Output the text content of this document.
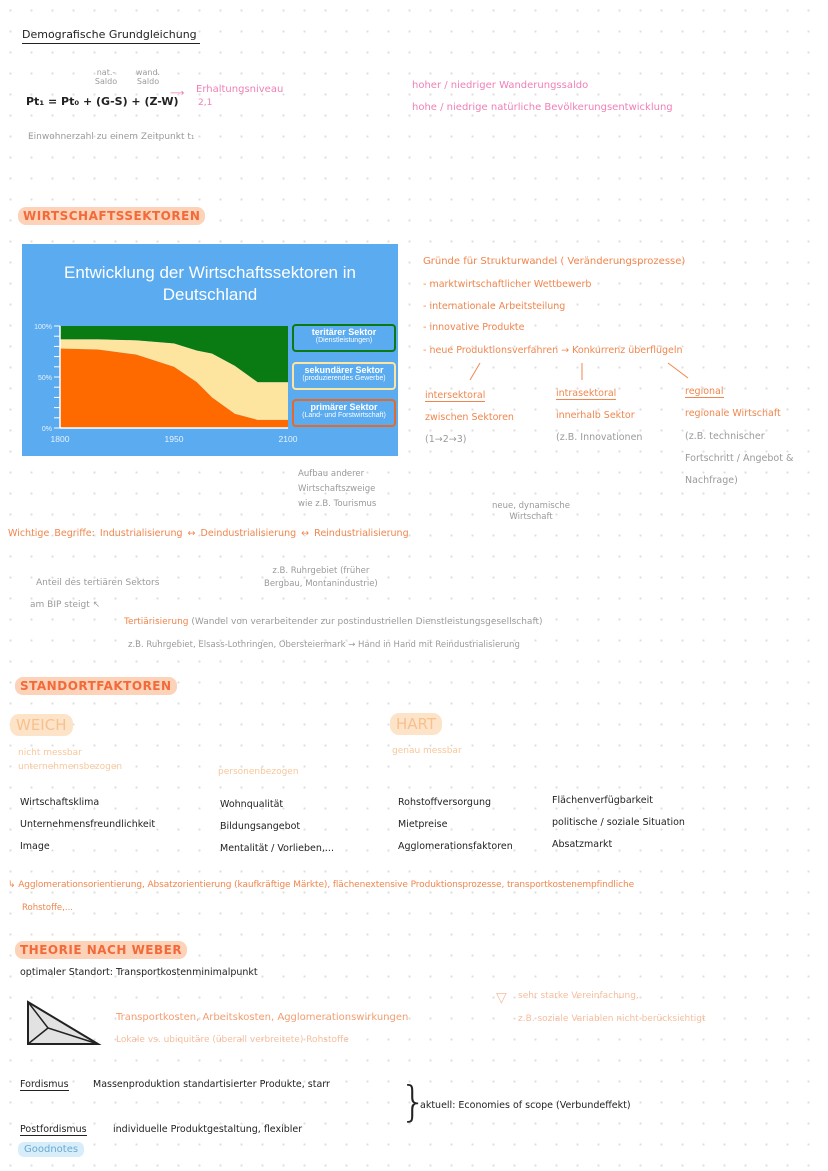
Demografische Grundgleichung
nat.- Saldo
wand. Saldo
Pt₁ = Pt₀ + (G-S) + (Z-W)
⟶ Erhaltungsniveau
2,1
Einwohnerzahl zu einem Zeitpunkt t₁
hoher / niedriger Wanderungssaldo
hohe / niedrige natürliche Bevölkerungsentwicklung
WIRTSCHAFTSSEKTOREN
Entwicklung der Wirtschaftssektoren in Deutschland
0%
50%
100%
1800	1950	2100
teritärer Sektor
(Dienstleistungen)
sekundärer Sektor
(produzierendes Gewerbe)
primärer Sektor
(Land- und Forstwirtschaft)
Gründe für Strukturwandel ( Veränderungsprozesse)
- marktwirtschaftlicher Wettbewerb
- internationale Arbeitsteilung
- innovative Produkte
- neue Produktionsverfahren → Konkurrenz überflügeln
intersektoral
zwischen Sektoren
(1→2→3)
intrasektoral
innerhalb Sektor
(z.B. Innovationen
regional
regionale Wirtschaft
(z.B. technischer
Fortschritt / Angebot &
Nachfrage)
Aufbau anderer
Wirtschaftszweige
wie z.B. Tourismus	neue, dynamische
Wirtschaft
Wichtige Begriffe: Industrialisierung ↔ Deindustrialisierung ↔ Reindustrialisierung
z.B. Ruhrgebiet (früher
Bergbau, Montanindustrie)
Anteil des tertiären Sektors
am BIP steigt ↖
Tertiärisierung (Wandel von verarbeitender zur postindustriellen Dienstleistungsgesellschaft)
z.B. Ruhrgebiet, Elsass-Lothringen, Obersteiermark → Hand in Hand mit Reindustrialisierung
STANDORTFAKTOREN
WEICH	HART
nicht messbar
unternehmensbezogen	personenbezogen
genau messbar
Wirtschaftsklima
Unternehmensfreundlichkeit
Image
Wohnqualität
Bildungsangebot
Mentalität / Vorlieben,...
Rohstoffversorgung
Mietpreise
Agglomerationsfaktoren
Flächenverfügbarkeit
politische / soziale Situation
Absatzmarkt
↳ Agglomerationsorientierung, Absatzorientierung (kaufkräftige Märkte), flächenextensive Produktionsprozesse, transportkostenempfindliche
Rohstoffe,...
THEORIE NACH WEBER
optimaler Standort: Transportkostenminimalpunkt
Transportkosten, Arbeitskosten, Agglomerationswirkungen
Lokale vs. ubiquitäre (überall verbreitete) Rohstoffe
▽ sehr starke Vereinfachung,
z.B. soziale Variablen nicht berücksichtigt
Fordismus	Massenproduktion standartisierter Produkte, starr
Postfordismus	individuelle Produktgestaltung, flexibler
}
aktuell: Economies of scope (Verbundeffekt)
Goodnotes
